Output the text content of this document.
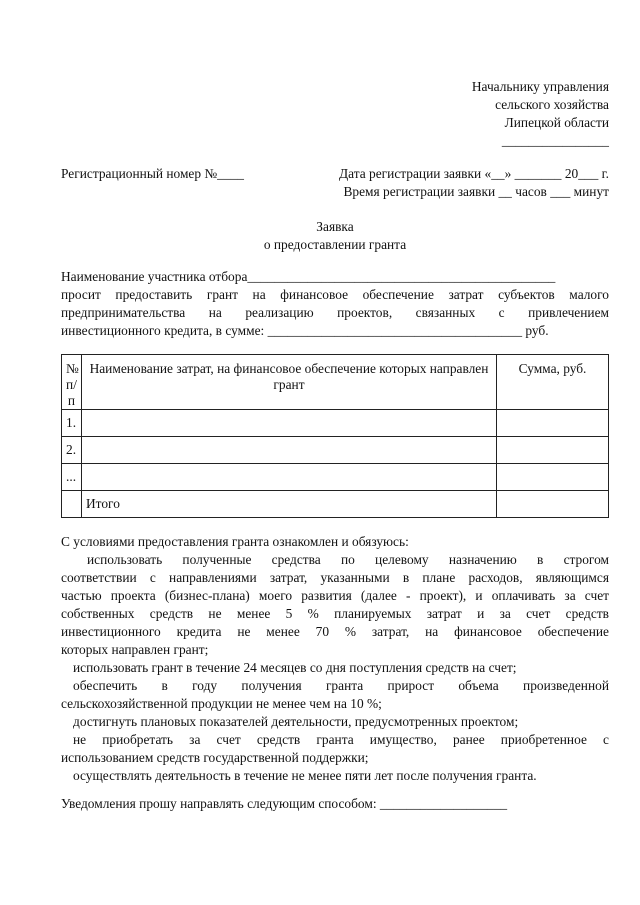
Начальнику управления
сельского хозяйства
Липецкой области
________________
Регистрационный номер №____	Дата регистрации заявки «__» _______ 20___ г.
Время регистрации заявки __ часов ___ минут
Заявка
о предоставлении гранта
Наименование участника отбора______________________________________________
просит предоставить грант на финансовое обеспечение затрат субъектов малого
предпринимательства на реализацию проектов, связанных с привлечением
инвестиционного кредита, в сумме: ______________________________________ руб.
№ п/п	Наименование затрат, на финансовое обеспечение которых направлен грант	Сумма, руб.
1.		
2.		
...		
	Итого	
С условиями предоставления гранта ознакомлен и обязуюсь:
использовать полученные средства по целевому назначению в строгом
соответствии с направлениями затрат, указанными в плане расходов, являющимся
частью проекта (бизнес-плана) моего развития (далее - проект), и оплачивать за счет
собственных средств не менее 5 % планируемых затрат и за счет средств
инвестиционного кредита не менее 70 % затрат, на финансовое обеспечение
которых направлен грант;
использовать грант в течение 24 месяцев со дня поступления средств на счет;
обеспечить в году получения гранта прирост объема произведенной
сельскохозяйственной продукции не менее чем на 10 %;
достигнуть плановых показателей деятельности, предусмотренных проектом;
не приобретать за счет средств гранта имущество, ранее приобретенное с
использованием средств государственной поддержки;
осуществлять деятельность в течение не менее пяти лет после получения гранта.
Уведомления прошу направлять следующим способом: ___________________
